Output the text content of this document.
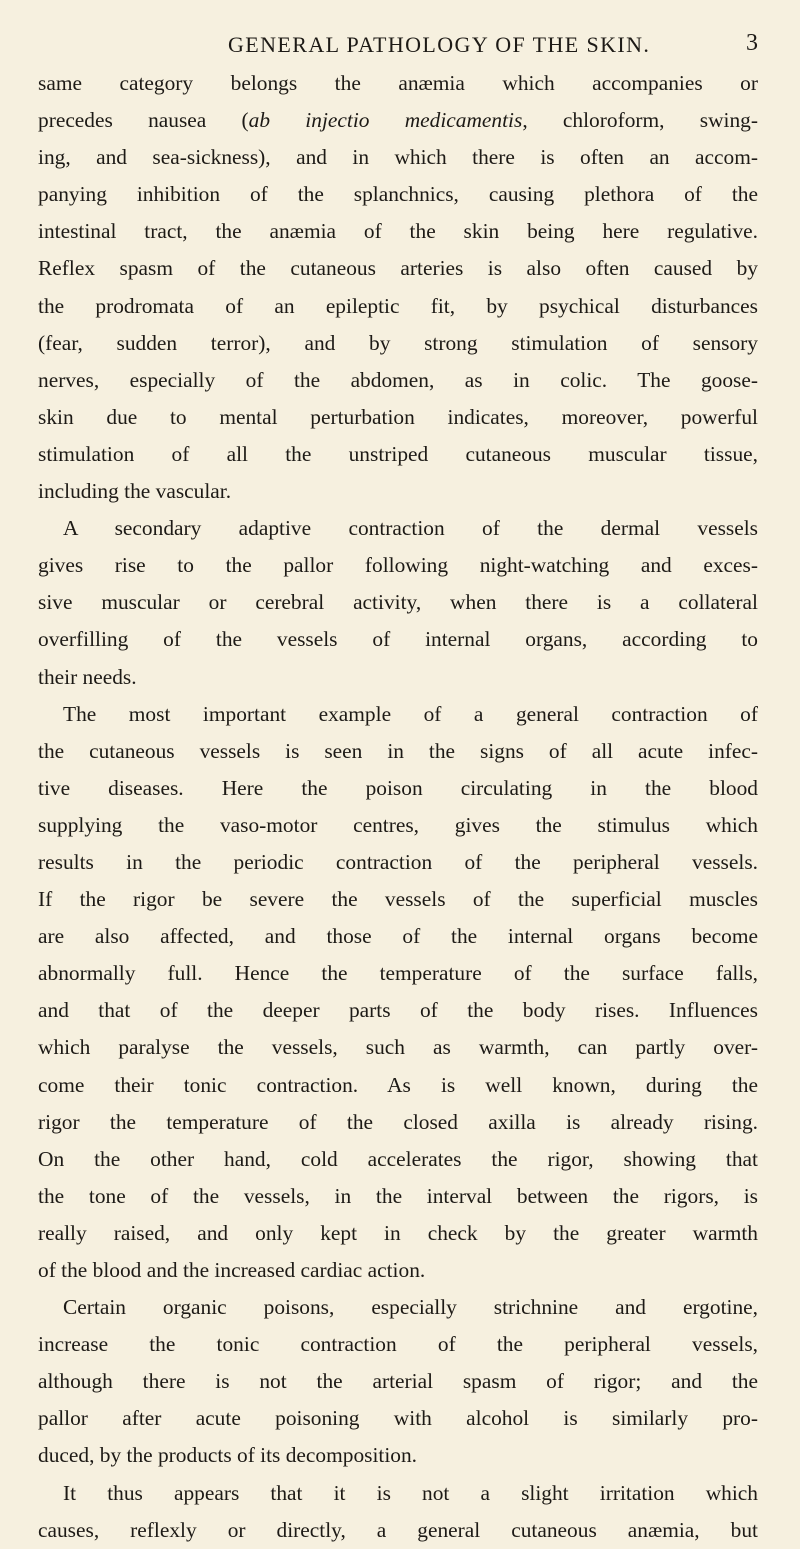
GENERAL PATHOLOGY OF THE SKIN.	3

same category belongs the anæmia which accompanies or
precedes nausea (ab injectio medicamentis, chloroform, swing-
ing, and sea-sickness), and in which there is often an accom-
panying inhibition of the splanchnics, causing plethora of the
intestinal tract, the anæmia of the skin being here regulative.
Reflex spasm of the cutaneous arteries is also often caused by
the prodromata of an epileptic fit, by psychical disturbances
(fear, sudden terror), and by strong stimulation of sensory
nerves, especially of the abdomen, as in colic. The goose-
skin due to mental perturbation indicates, moreover, powerful
stimulation of all the unstriped cutaneous muscular tissue,
including the vascular.

A secondary adaptive contraction of the dermal vessels
gives rise to the pallor following night-watching and exces-
sive muscular or cerebral activity, when there is a collateral
overfilling of the vessels of internal organs, according to
their needs.

The most important example of a general contraction of
the cutaneous vessels is seen in the signs of all acute infec-
tive diseases. Here the poison circulating in the blood
supplying the vaso-motor centres, gives the stimulus which
results in the periodic contraction of the peripheral vessels.
If the rigor be severe the vessels of the superficial muscles
are also affected, and those of the internal organs become
abnormally full. Hence the temperature of the surface falls,
and that of the deeper parts of the body rises. Influences
which paralyse the vessels, such as warmth, can partly over-
come their tonic contraction. As is well known, during the
rigor the temperature of the closed axilla is already rising.
On the other hand, cold accelerates the rigor, showing that
the tone of the vessels, in the interval between the rigors, is
really raised, and only kept in check by the greater warmth
of the blood and the increased cardiac action.

Certain organic poisons, especially strichnine and ergotine,
increase the tonic contraction of the peripheral vessels,
although there is not the arterial spasm of rigor; and the
pallor after acute poisoning with alcohol is similarly pro-
duced, by the products of its decomposition.

It thus appears that it is not a slight irritation which
causes, reflexly or directly, a general cutaneous anæmia, but
